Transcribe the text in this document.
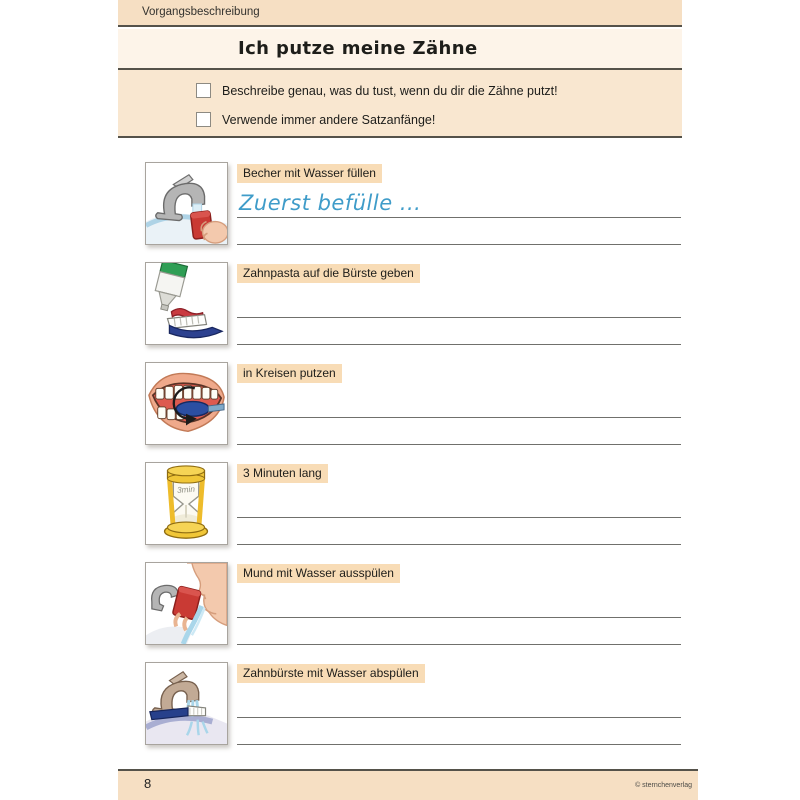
Vorgangsbeschreibung
Ich putze meine Zähne
Beschreibe genau, was du tust, wenn du dir die Zähne putzt!
Verwende immer andere Satzanfänge!
Becher mit Wasser füllen
Zuerst befülle ...
Zahnpasta auf die Bürste geben
in Kreisen putzen
3min
3 Minuten lang
Mund mit Wasser ausspülen
Zahnbürste mit Wasser abspülen
8	© sternchenverlag
